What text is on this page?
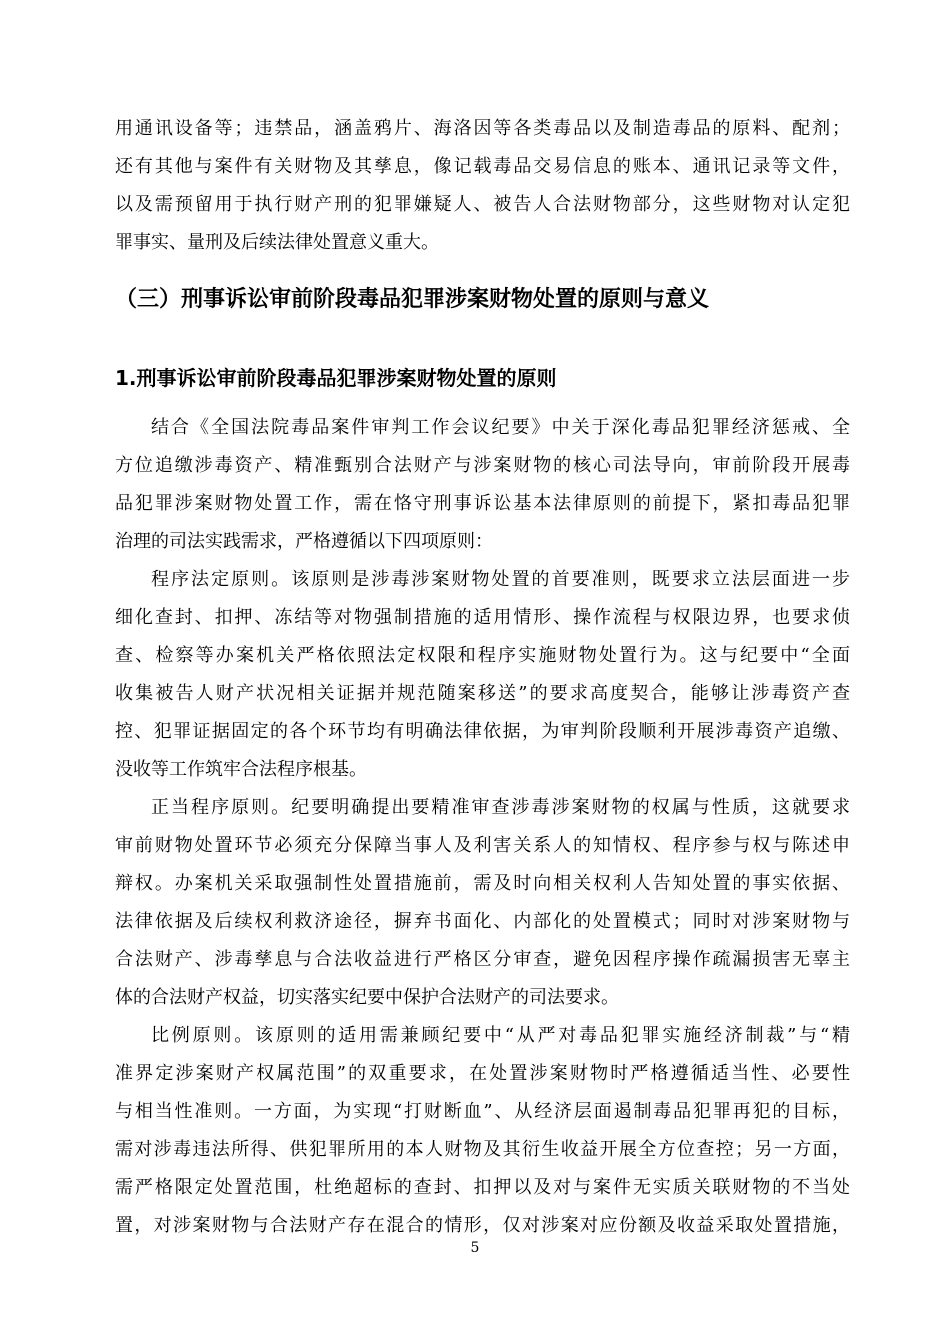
用通讯设备等；违禁品，涵盖鸦片、海洛因等各类毒品以及制造毒品的原料、配剂；
还有其他与案件有关财物及其孳息，像记载毒品交易信息的账本、通讯记录等文件，
以及需预留用于执行财产刑的犯罪嫌疑人、被告人合法财物部分，这些财物对认定犯
罪事实、量刑及后续法律处置意义重大。
（三）刑事诉讼审前阶段毒品犯罪涉案财物处置的原则与意义
1.刑事诉讼审前阶段毒品犯罪涉案财物处置的原则
结合《全国法院毒品案件审判工作会议纪要》中关于深化毒品犯罪经济惩戒、全
方位追缴涉毒资产、精准甄别合法财产与涉案财物的核心司法导向，审前阶段开展毒
品犯罪涉案财物处置工作，需在恪守刑事诉讼基本法律原则的前提下，紧扣毒品犯罪
治理的司法实践需求，严格遵循以下四项原则：
程序法定原则。该原则是涉毒涉案财物处置的首要准则，既要求立法层面进一步
细化查封、扣押、冻结等对物强制措施的适用情形、操作流程与权限边界，也要求侦
查、检察等办案机关严格依照法定权限和程序实施财物处置行为。这与纪要中“全面
收集被告人财产状况相关证据并规范随案移送”的要求高度契合，能够让涉毒资产查
控、犯罪证据固定的各个环节均有明确法律依据，为审判阶段顺利开展涉毒资产追缴、
没收等工作筑牢合法程序根基。
正当程序原则。纪要明确提出要精准审查涉毒涉案财物的权属与性质，这就要求
审前财物处置环节必须充分保障当事人及利害关系人的知情权、程序参与权与陈述申
辩权。办案机关采取强制性处置措施前，需及时向相关权利人告知处置的事实依据、
法律依据及后续权利救济途径，摒弃书面化、内部化的处置模式；同时对涉案财物与
合法财产、涉毒孳息与合法收益进行严格区分审查，避免因程序操作疏漏损害无辜主
体的合法财产权益，切实落实纪要中保护合法财产的司法要求。
比例原则。该原则的适用需兼顾纪要中“从严对毒品犯罪实施经济制裁”与“精
准界定涉案财产权属范围”的双重要求，在处置涉案财物时严格遵循适当性、必要性
与相当性准则。一方面，为实现“打财断血”、从经济层面遏制毒品犯罪再犯的目标，
需对涉毒违法所得、供犯罪所用的本人财物及其衍生收益开展全方位查控；另一方面，
需严格限定处置范围，杜绝超标的查封、扣押以及对与案件无实质关联财物的不当处
置，对涉案财物与合法财产存在混合的情形，仅对涉案对应份额及收益采取处置措施，
5
